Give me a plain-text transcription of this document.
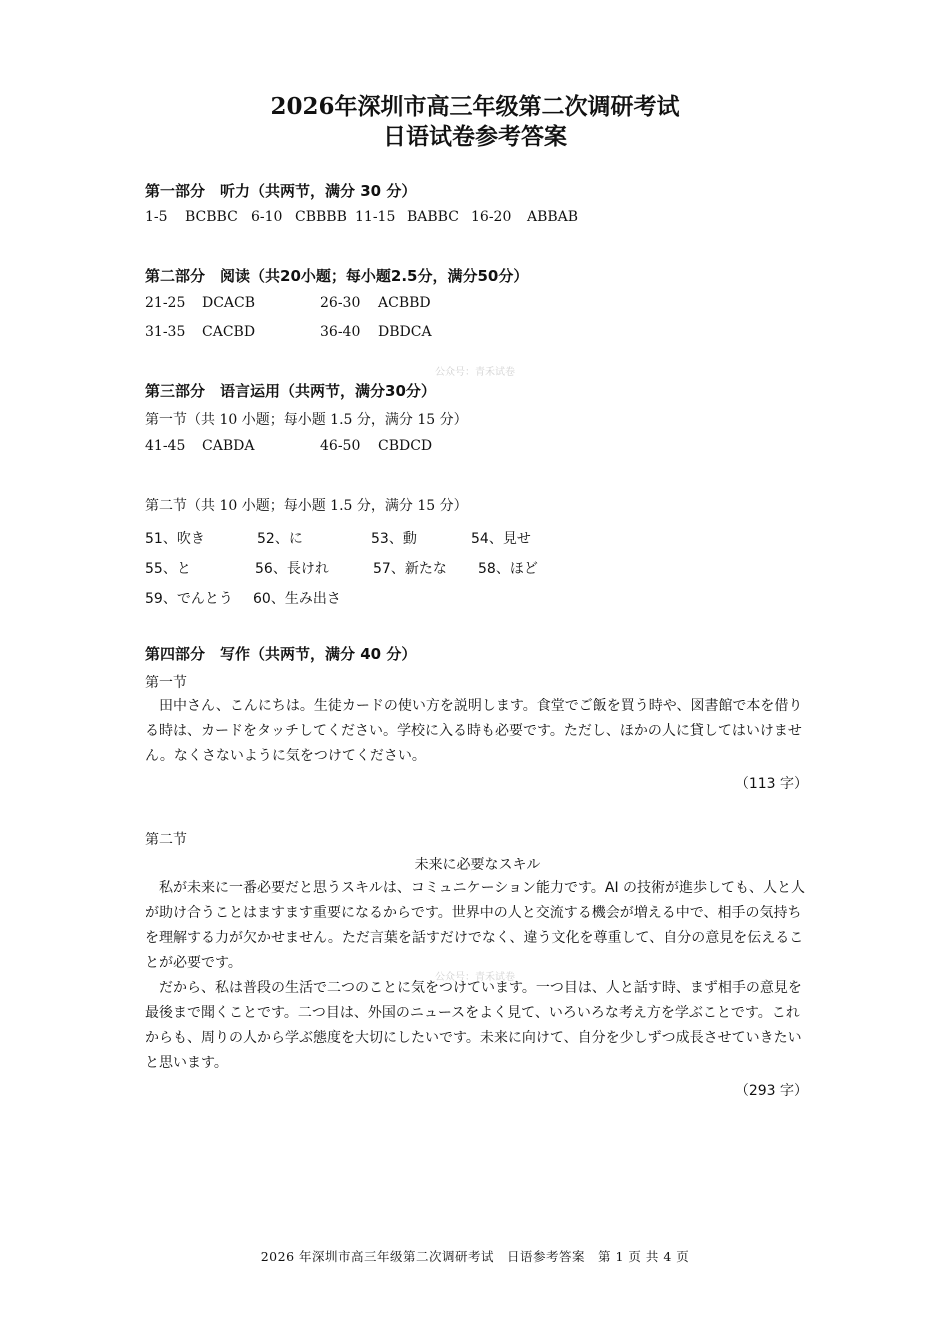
2026年深圳市高三年级第二次调研考试
日语试卷参考答案
第一部分　听力（共两节，满分 30 分）
1-5 BCBBC 6-10 CBBBB 11-15 BABBC 16-20 ABBAB
第二部分　阅读（共20小题；每小题2.5分，满分50分）
21-25 DCACB	26-30 ACBBD
31-35 CACBD	36-40 DBDCA
公众号：青禾试卷
第三部分　语言运用（共两节，满分30分）
第一节（共 10 小题；每小题 1.5 分，满分 15 分）
41-45 CABDA	46-50 CBDCD
第二节（共 10 小题；每小题 1.5 分，满分 15 分）
51、吹き	52、に	53、動	54、見せ
55、と	56、長けれ	57、新たな 58、ほど
59、でんとう 60、生み出さ
第四部分　写作（共两节，满分 40 分）
第一节
　田中さん、こんにちは。生徒カードの使い方を説明します。食堂でご飯を買う時や、図書館で本を借りる時は、カードをタッチしてください。学校に入る時も必要です。ただし、ほかの人に貸してはいけません。なくさないように気をつけてください。
（113 字）
第二节
未来に必要なスキル
　私が未来に一番必要だと思うスキルは、コミュニケーション能力です。AI の技術が進歩しても、人と人が助け合うことはますます重要になるからです。世界中の人と交流する機会が増える中で、相手の気持ちを理解する力が欠かせません。ただ言葉を話すだけでなく、違う文化を尊重して、自分の意見を伝えることが必要です。
公众号：青禾试卷
　だから、私は普段の生活で二つのことに気をつけています。一つ目は、人と話す時、まず相手の意見を最後まで聞くことです。二つ目は、外国のニュースをよく見て、いろいろな考え方を学ぶことです。これからも、周りの人から学ぶ態度を大切にしたいです。未来に向けて、自分を少しずつ成長させていきたいと思います。
（293 字）
2026 年深圳市高三年级第二次调研考试　日语参考答案　第 1 页 共 4 页
